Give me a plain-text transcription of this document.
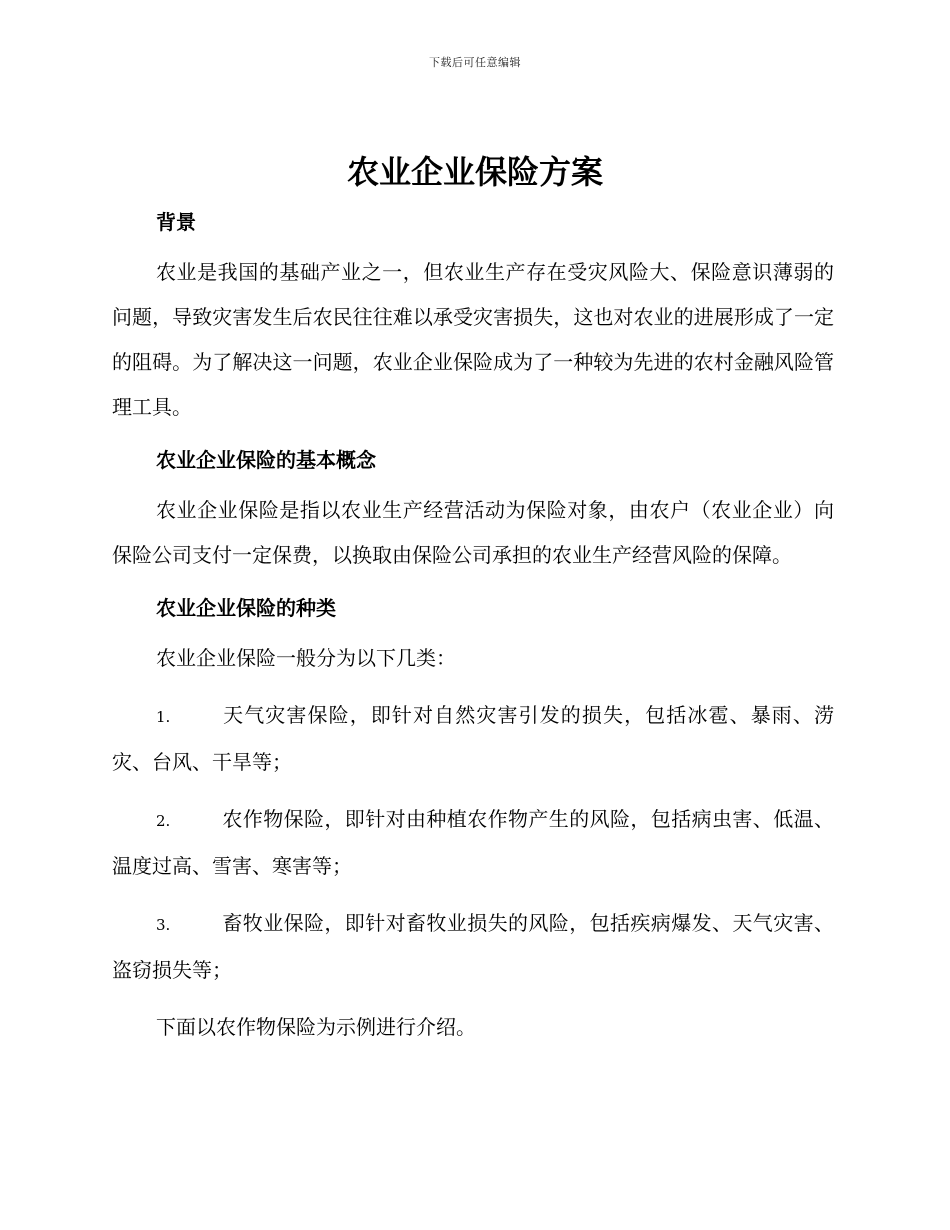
下载后可任意编辑
农业企业保险方案
背景

农业是我国的基础产业之一，但农业生产存在受灾风险大、保险意识薄弱的问题，导致灾害发生后农民往往难以承受灾害损失，这也对农业的进展形成了一定的阻碍。为了解决这一问题，农业企业保险成为了一种较为先进的农村金融风险管理工具。

农业企业保险的基本概念

农业企业保险是指以农业生产经营活动为保险对象，由农户（农业企业）向保险公司支付一定保费，以换取由保险公司承担的农业生产经营风险的保障。

农业企业保险的种类

农业企业保险一般分为以下几类：

1.	天气灾害保险，即针对自然灾害引发的损失，包括冰雹、暴雨、涝灾、台风、干旱等；

2.	农作物保险，即针对由种植农作物产生的风险，包括病虫害、低温、温度过高、雪害、寒害等；

3.	畜牧业保险，即针对畜牧业损失的风险，包括疾病爆发、天气灾害、盗窃损失等；

下面以农作物保险为示例进行介绍。
